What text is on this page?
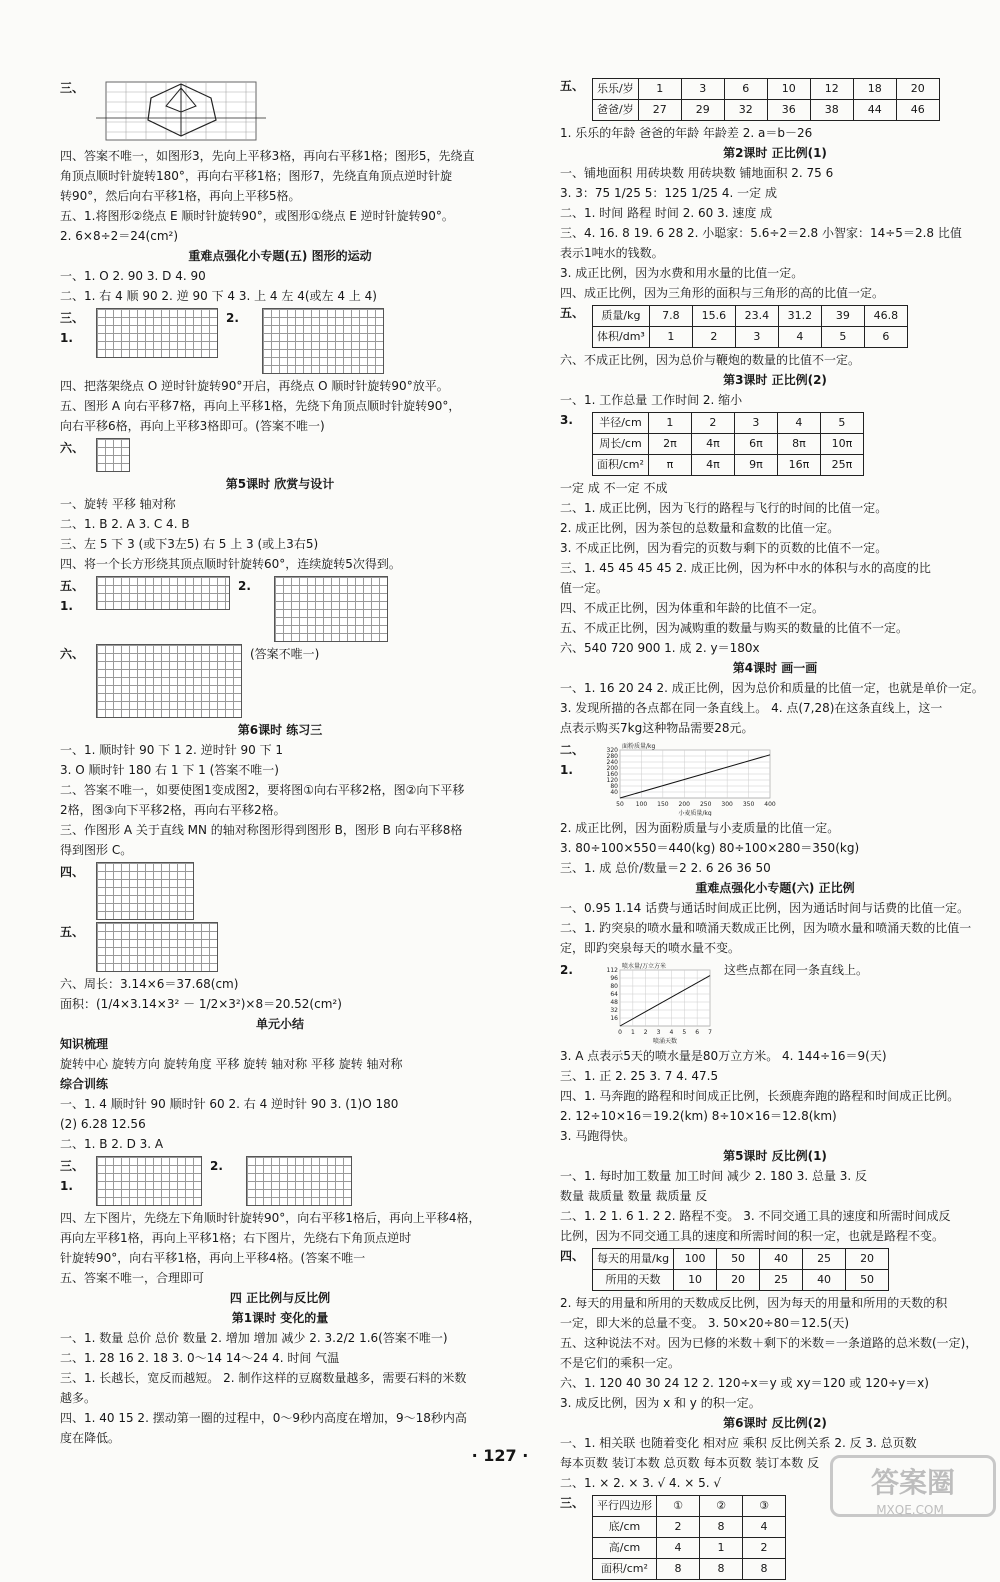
三、
四、答案不唯一，如图形3，先向上平移3格，再向右平移1格；图形5，先绕直
角顶点顺时针旋转180°，再向右平移1格；图形7，先绕直角顶点逆时针旋
转90°，然后向右平移1格，再向上平移5格。
五、1.将图形②绕点 E 顺时针旋转90°，或图形①绕点 E 逆时针旋转90°。
2. 6×8÷2＝24(cm²)
重难点强化小专题(五) 图形的运动
一、1. O 2. 90 3. D 4. 90
二、1. 右 4 顺 90 2. 逆 90 下 4 3. 上 4 左 4(或左 4 上 4)
三、1.
2.
四、把落架绕点 O 逆时针旋转90°开启，再绕点 O 顺时针旋转90°放平。
五、图形 A 向右平移7格，再向上平移1格，先绕下角顶点顺时针旋转90°，
向右平移6格，再向上平移3格即可。(答案不唯一)
六、
第5课时 欣赏与设计
一、旋转 平移 轴对称
二、1. B 2. A 3. C 4. B
三、左 5 下 3 (或下3左5) 右 5 上 3 (或上3右5)
四、将一个长方形绕其顶点顺时针旋转60°，连续旋转5次得到。
五、1.
2.
六、	(答案不唯一)
第6课时 练习三
一、1. 顺时针 90 下 1 2. 逆时针 90 下 1
3. O 顺时针 180 右 1 下 1 (答案不唯一)
二、答案不唯一，如要使图1变成图2，要将图①向右平移2格，图②向下平移
2格，图③向下平移2格，再向右平移2格。
三、作图形 A 关于直线 MN 的轴对称图形得到图形 B，图形 B 向右平移8格
得到图形 C。
四、
五、
六、周长：3.14×6＝37.68(cm)
面积：(1/4×3.14×3² － 1/2×3²)×8＝20.52(cm²)
单元小结
知识梳理
旋转中心 旋转方向 旋转角度 平移 旋转 轴对称 平移 旋转 轴对称
综合训练
一、1. 4 顺时针 90 顺时针 60 2. 右 4 逆时针 90 3. (1)O 180
(2) 6.28 12.56
二、1. B 2. D 3. A
三、1.
2.
四、左下图片，先绕左下角顺时针旋转90°，向右平移1格后，再向上平移4格，
再向左平移1格，再向上平移1格；右下图片，先绕右下角顶点逆时
针旋转90°，向右平移1格，再向上平移4格。(答案不唯一
五、答案不唯一，合理即可
四 正比例与反比例
第1课时 变化的量
一、1. 数量 总价 总价 数量 2. 增加 增加 减少 2. 3.2/2 1.6(答案不唯一)
二、1. 28 16 2. 18 3. 0～14 14～24 4. 时间 气温
三、1. 长越长，宽反而越短。 2. 制作这样的豆腐数量越多，需要石料的米数
越多。
四、1. 40 15 2. 摆动第一圈的过程中，0～9秒内高度在增加，9～18秒内高
度在降低。
五、	乐乐/岁	1	3	6	10	12	18	20
爸爸/岁	27	29	32	36	38	44	46
1. 乐乐的年龄 爸爸的年龄 年龄差 2. a＝b－26
第2课时 正比例(1)
一、铺地面积 用砖块数 用砖块数 铺地面积 2. 75 6
3. 3：75 1/25 5：125 1/25 4. 一定 成
二、1. 时间 路程 时间 2. 60 3. 速度 成
三、4. 16. 8 19. 6 28 2. 小聪家：5.6÷2＝2.8 小智家：14÷5＝2.8 比值
表示1吨水的钱数。
3. 成正比例，因为水费和用水量的比值一定。
四、成正比例，因为三角形的面积与三角形的高的比值一定。
五、	质量/kg	7.8	15.6	23.4	31.2	39	46.8
体积/dm³	1	2	3	4	5	6
六、不成正比例，因为总价与鞭炮的数量的比值不一定。
第3课时 正比例(2)
一、1. 工作总量 工作时间 2. 缩小
3.	半径/cm	1	2	3	4	5
周长/cm	2π	4π	6π	8π	10π
面积/cm²	π	4π	9π	16π	25π
一定 成 不一定 不成
二、1. 成正比例，因为飞行的路程与飞行的时间的比值一定。
2. 成正比例，因为茶包的总数量和盒数的比值一定。
3. 不成正比例，因为看完的页数与剩下的页数的比值不一定。
三、1. 45 45 45 45 2. 成正比例，因为杯中水的体积与水的高度的比
值一定。
四、不成正比例，因为体重和年龄的比值不一定。
五、不成正比例，因为减购重的数量与购买的数量的比值不一定。
六、540 720 900 1. 成 2. y＝180x
第4课时 画一画
一、1. 16 20 24 2. 成正比例，因为总价和质量的比值一定，也就是单价一定。
3. 发现所描的各点都在同一条直线上。 4. 点(7,28)在这条直线上，这一
点表示购买7kg这种物品需要28元。
二、1.
50 100 150 200 250 300 350 400
40
80
120
160
200
240
280
320
面粉质量/kg
小麦质量/kg
2. 成正比例，因为面粉质量与小麦质量的比值一定。
3. 80÷100×550＝440(kg) 80÷100×280＝350(kg)
三、1. 成 总价/数量＝2 2. 6 26 36 50
重难点强化小专题(六) 正比例
一、0.95 1.14 话费与通话时间成正比例，因为通话时间与话费的比值一定。
二、1. 趵突泉的喷水量和喷涌天数成正比例，因为喷水量和喷涌天数的比值一
定，即趵突泉每天的喷水量不变。
2.
0 1 2 3 4 5 6 7
16
32
48
64
80
96
112
喷水量/万立方米
喷涌天数
这些点都在同一条直线上。
3. A 点表示5天的喷水量是80万立方米。 4. 144÷16＝9(天)
三、1. 正 2. 25 3. 7 4. 47.5
四、1. 马奔跑的路程和时间成正比例，长颈鹿奔跑的路程和时间成正比例。
2. 12÷10×16＝19.2(km) 8÷10×16＝12.8(km)
3. 马跑得快。
第5课时 反比例(1)
一、1. 每时加工数量 加工时间 减少 2. 180 3. 总量 3. 反
数量 裁质量 数量 裁质量 反
二、1. 2 1. 6 1. 2 2. 路程不变。 3. 不同交通工具的速度和所需时间成反
比例，因为不同交通工具的速度和所需时间的积一定，也就是路程不变。
四、	每天的用量/kg	100	50	40	25	20
所用的天数	10	20	25	40	50
2. 每天的用量和所用的天数成反比例，因为每天的用量和所用的天数的积
一定，即大米的总量不变。 3. 50×20÷80＝12.5(天)
五、这种说法不对。因为已修的米数＋剩下的米数＝一条道路的总米数(一定)，
不是它们的乘积一定。
六、1. 120 40 30 24 12 2. 120÷x＝y 或 xy＝120 或 120÷y＝x)
3. 成反比例，因为 x 和 y 的积一定。
第6课时 反比例(2)
一、1. 相关联 也随着变化 相对应 乘积 反比例关系 2. 反 3. 总页数
每本页数 装订本数 总页数 每本页数 装订本数 反
二、1. × 2. × 3. √ 4. × 5. √
三、	平行四边形	①	②	③
底/cm	2	8	4
高/cm	4	1	2
面积/cm²	8	8	8
· 127 ·
答案圈
MXQE.COM
